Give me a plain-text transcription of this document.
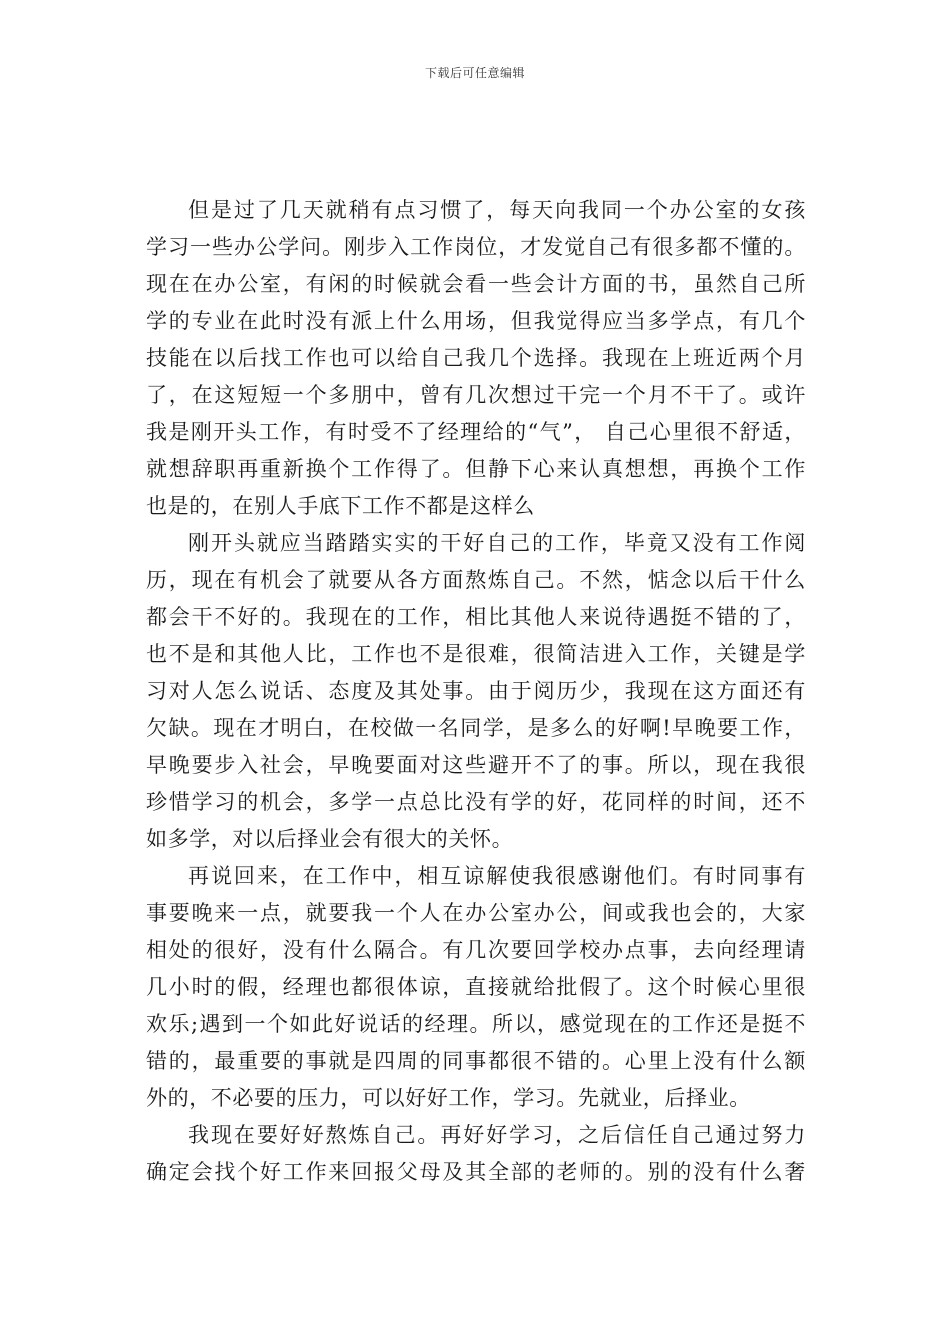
下载后可任意编辑
但是过了几天就稍有点习惯了，每天向我同一个办公室的女孩
学习一些办公学问。刚步入工作岗位，才发觉自己有很多都不懂的。
现在在办公室，有闲的时候就会看一些会计方面的书，虽然自己所
学的专业在此时没有派上什么用场，但我觉得应当多学点，有几个
技能在以后找工作也可以给自己我几个选择。我现在上班近两个月
了，在这短短一个多朋中，曾有几次想过干完一个月不干了。或许
我是刚开头工作，有时受不了经理给的“气”， 自己心里很不舒适，
就想辞职再重新换个工作得了。但静下心来认真想想，再换个工作
也是的，在别人手底下工作不都是这样么
刚开头就应当踏踏实实的干好自己的工作，毕竟又没有工作阅
历，现在有机会了就要从各方面熬炼自己。不然，惦念以后干什么
都会干不好的。我现在的工作，相比其他人来说待遇挺不错的了，
也不是和其他人比，工作也不是很难，很简洁进入工作，关键是学
习对人怎么说话、态度及其处事。由于阅历少，我现在这方面还有
欠缺。现在才明白，在校做一名同学，是多么的好啊!早晚要工作，
早晚要步入社会，早晚要面对这些避开不了的事。所以，现在我很
珍惜学习的机会，多学一点总比没有学的好，花同样的时间，还不
如多学，对以后择业会有很大的关怀。
再说回来，在工作中，相互谅解使我很感谢他们。有时同事有
事要晚来一点，就要我一个人在办公室办公，间或我也会的，大家
相处的很好，没有什么隔合。有几次要回学校办点事，去向经理请
几小时的假，经理也都很体谅，直接就给批假了。这个时候心里很
欢乐;遇到一个如此好说话的经理。所以，感觉现在的工作还是挺不
错的，最重要的事就是四周的同事都很不错的。心里上没有什么额
外的，不必要的压力，可以好好工作，学习。先就业，后择业。
我现在要好好熬炼自己。再好好学习，之后信任自己通过努力
确定会找个好工作来回报父母及其全部的老师的。别的没有什么奢
